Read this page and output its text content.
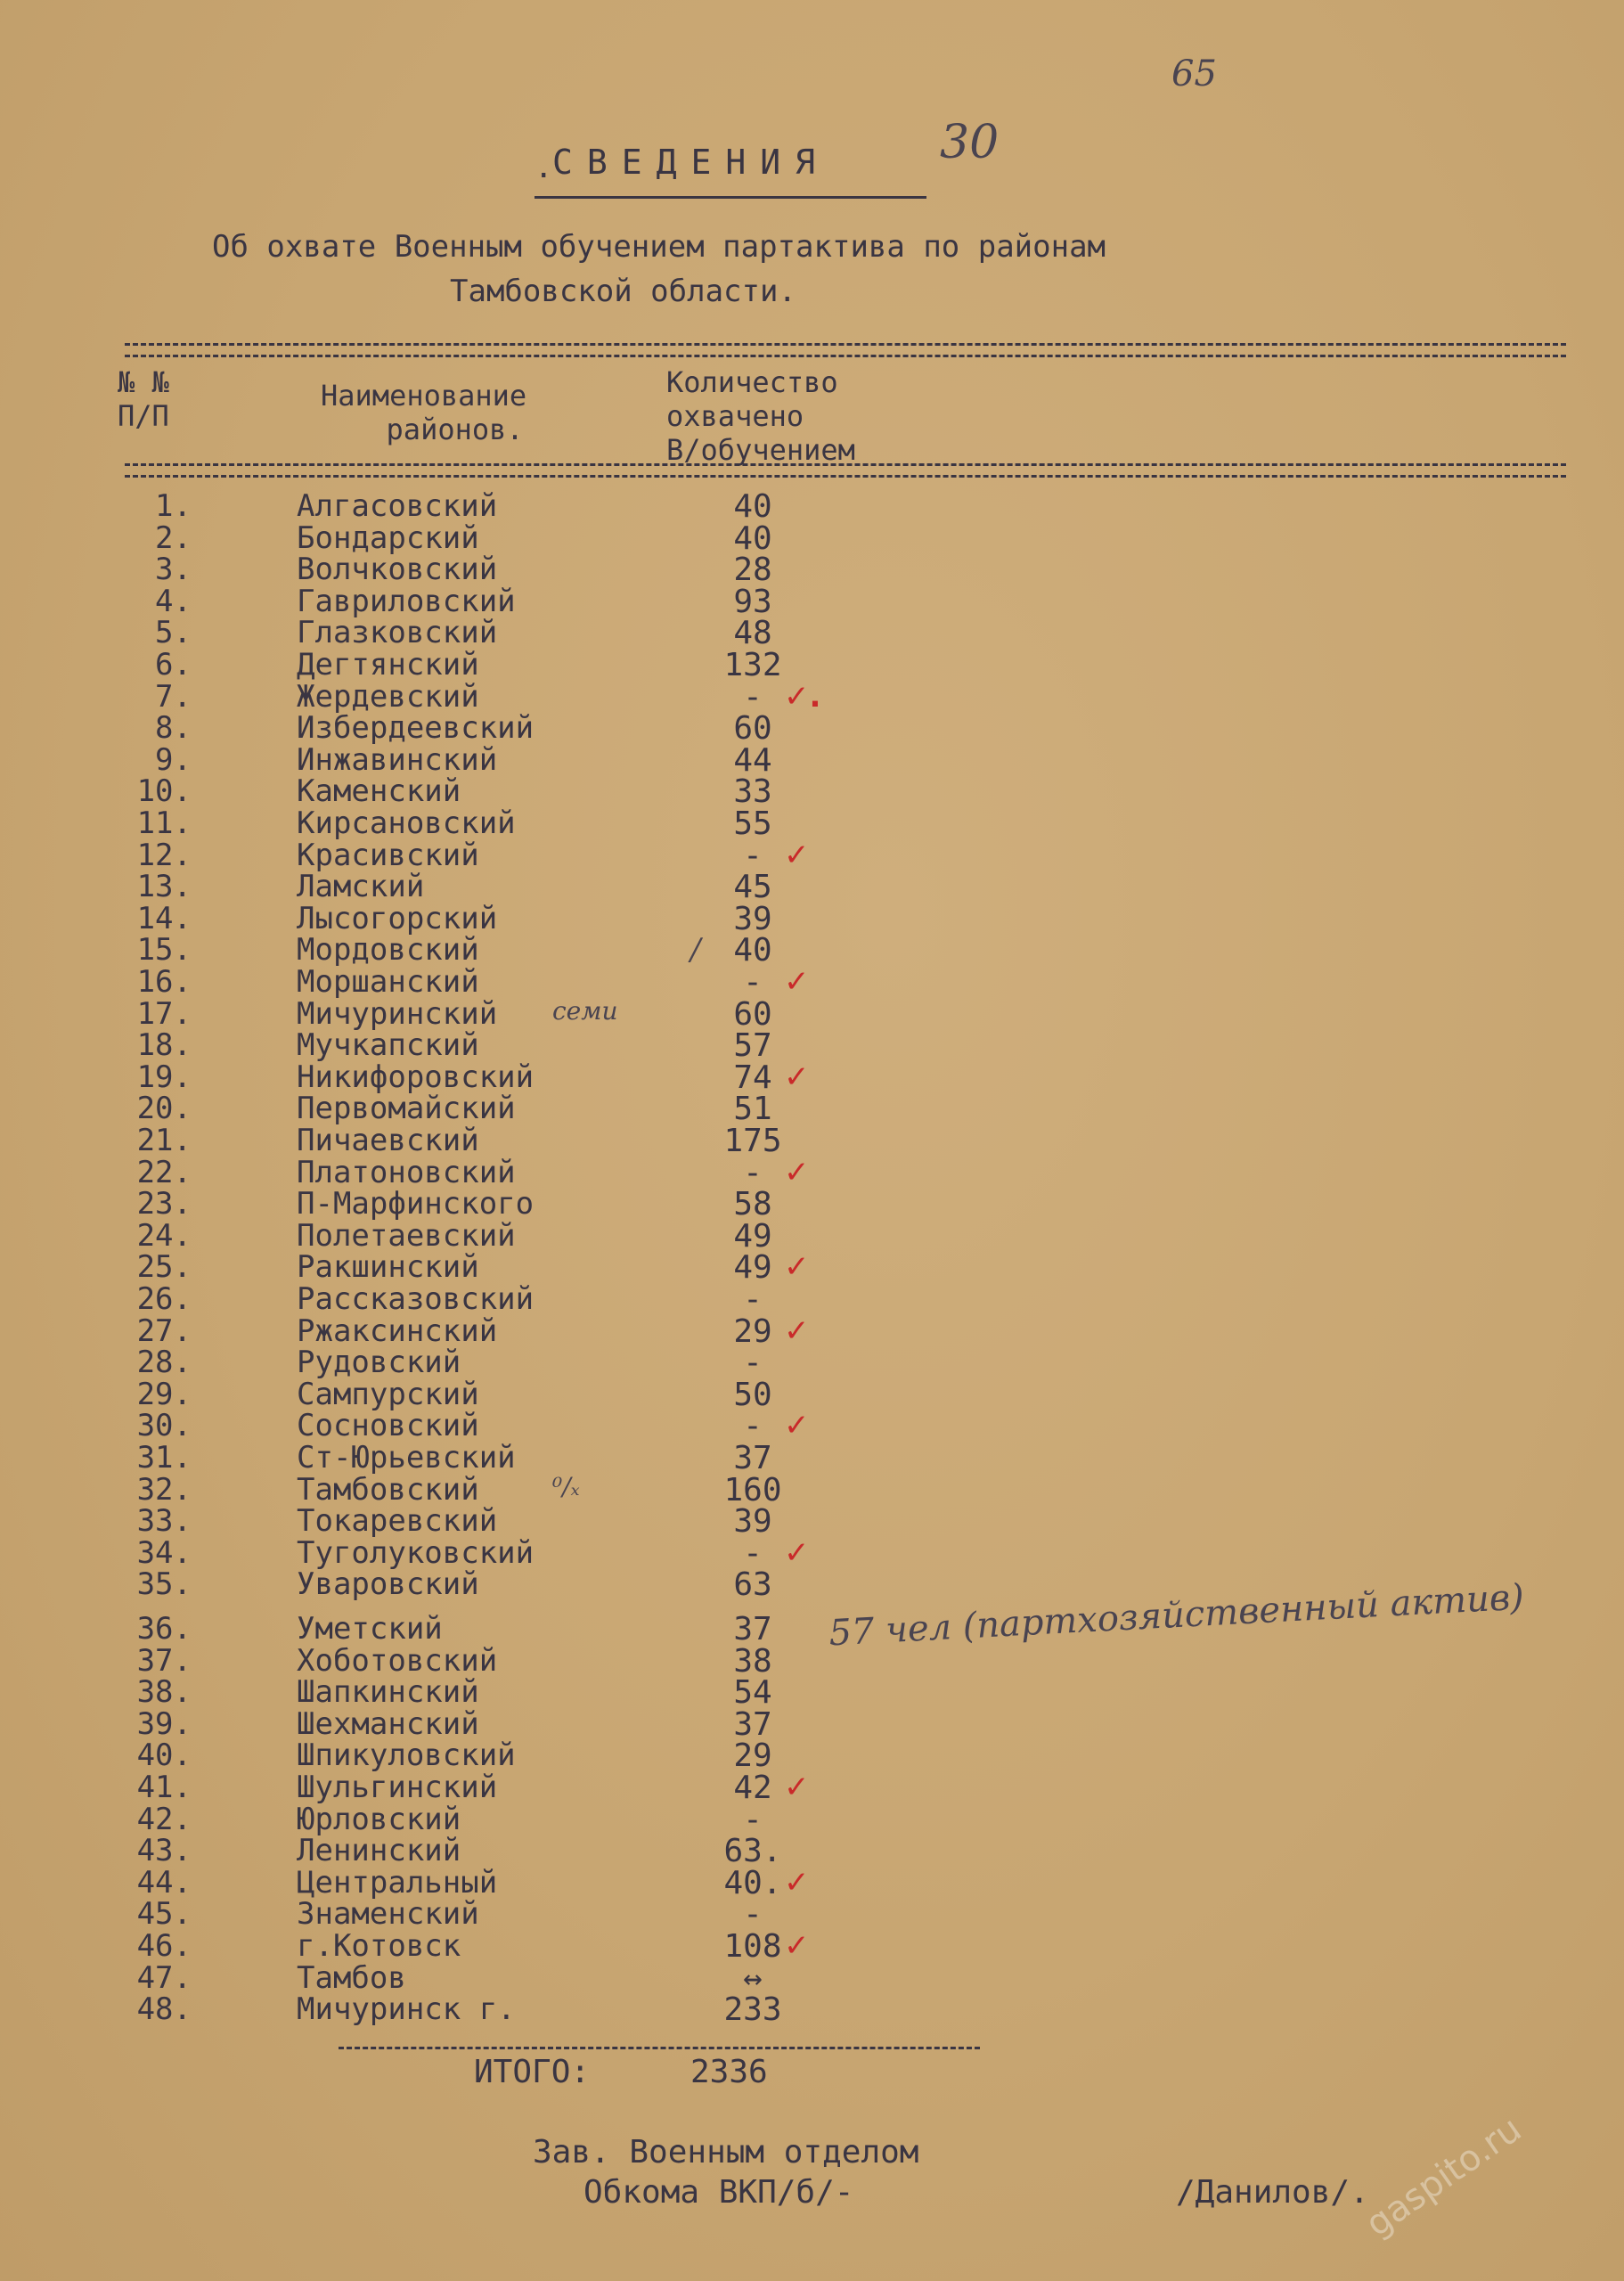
65
. СВЕДЕНИЯ 30
Об охвате Военным обучением партактива по районам
Тамбовской области.
№ №
П/П
Наименование
районов.
Количество
охвачено
В/обучением
1.	Алгасовский	40
2.	Бондарский	40
3.	Волчковский	28
4.	Гавриловский	93
5.	Глазковский	48
6.	Дегтянский	132
7.	Жердевский	- ✓.
8.	Избердеевский	60
9.	Инжавинский	44
10.	Каменский	33
11.	Кирсановский	55
12.	Красивский	- ✓
13.	Ламский	45
14.	Лысогорский	39
15.	Мордовский	40
/
16.	Моршанский	- ✓
17.	Мичуринский	60
семи
18.	Мучкапский	57
19.	Никифоровский	74 ✓
20.	Первомайский	51
21.	Пичаевский	175
22.	Платоновский	- ✓
23.	П-Марфинского	58
24.	Полетаевский	49
25.	Ракшинский	49 ✓
26.	Рассказовский	-
27.	Ржаксинский	29 ✓
28.	Рудовский	-
29.	Сампурский	50
30.	Сосновский	- ✓
31.	Ст-Юрьевский	37
32.	Тамбовский	160
⁰/ₓ
33.	Токаревский	39
34.	Туголуковский	- ✓
35.	Уваровский	63
36.	Уметский	37
37.	Хоботовский	38
38.	Шапкинский	54
39.	Шехманский	37
40.	Шпикуловский	29
41.	Шульгинский	42 ✓
42.	Юрловский	-
43.	Ленинский	63.
44.	Центральный	40. ✓
45.	Знаменский	-
46.	г.Котовск	108 ✓
47.	Тамбов	↔
48.	Мичуринск г.	233
57 чел (партхозяйственный актив)
ИТОГО:	2336
Зав. Военным отделом
Обкома ВКП/б/-	/Данилов/.
gaspito.ru
